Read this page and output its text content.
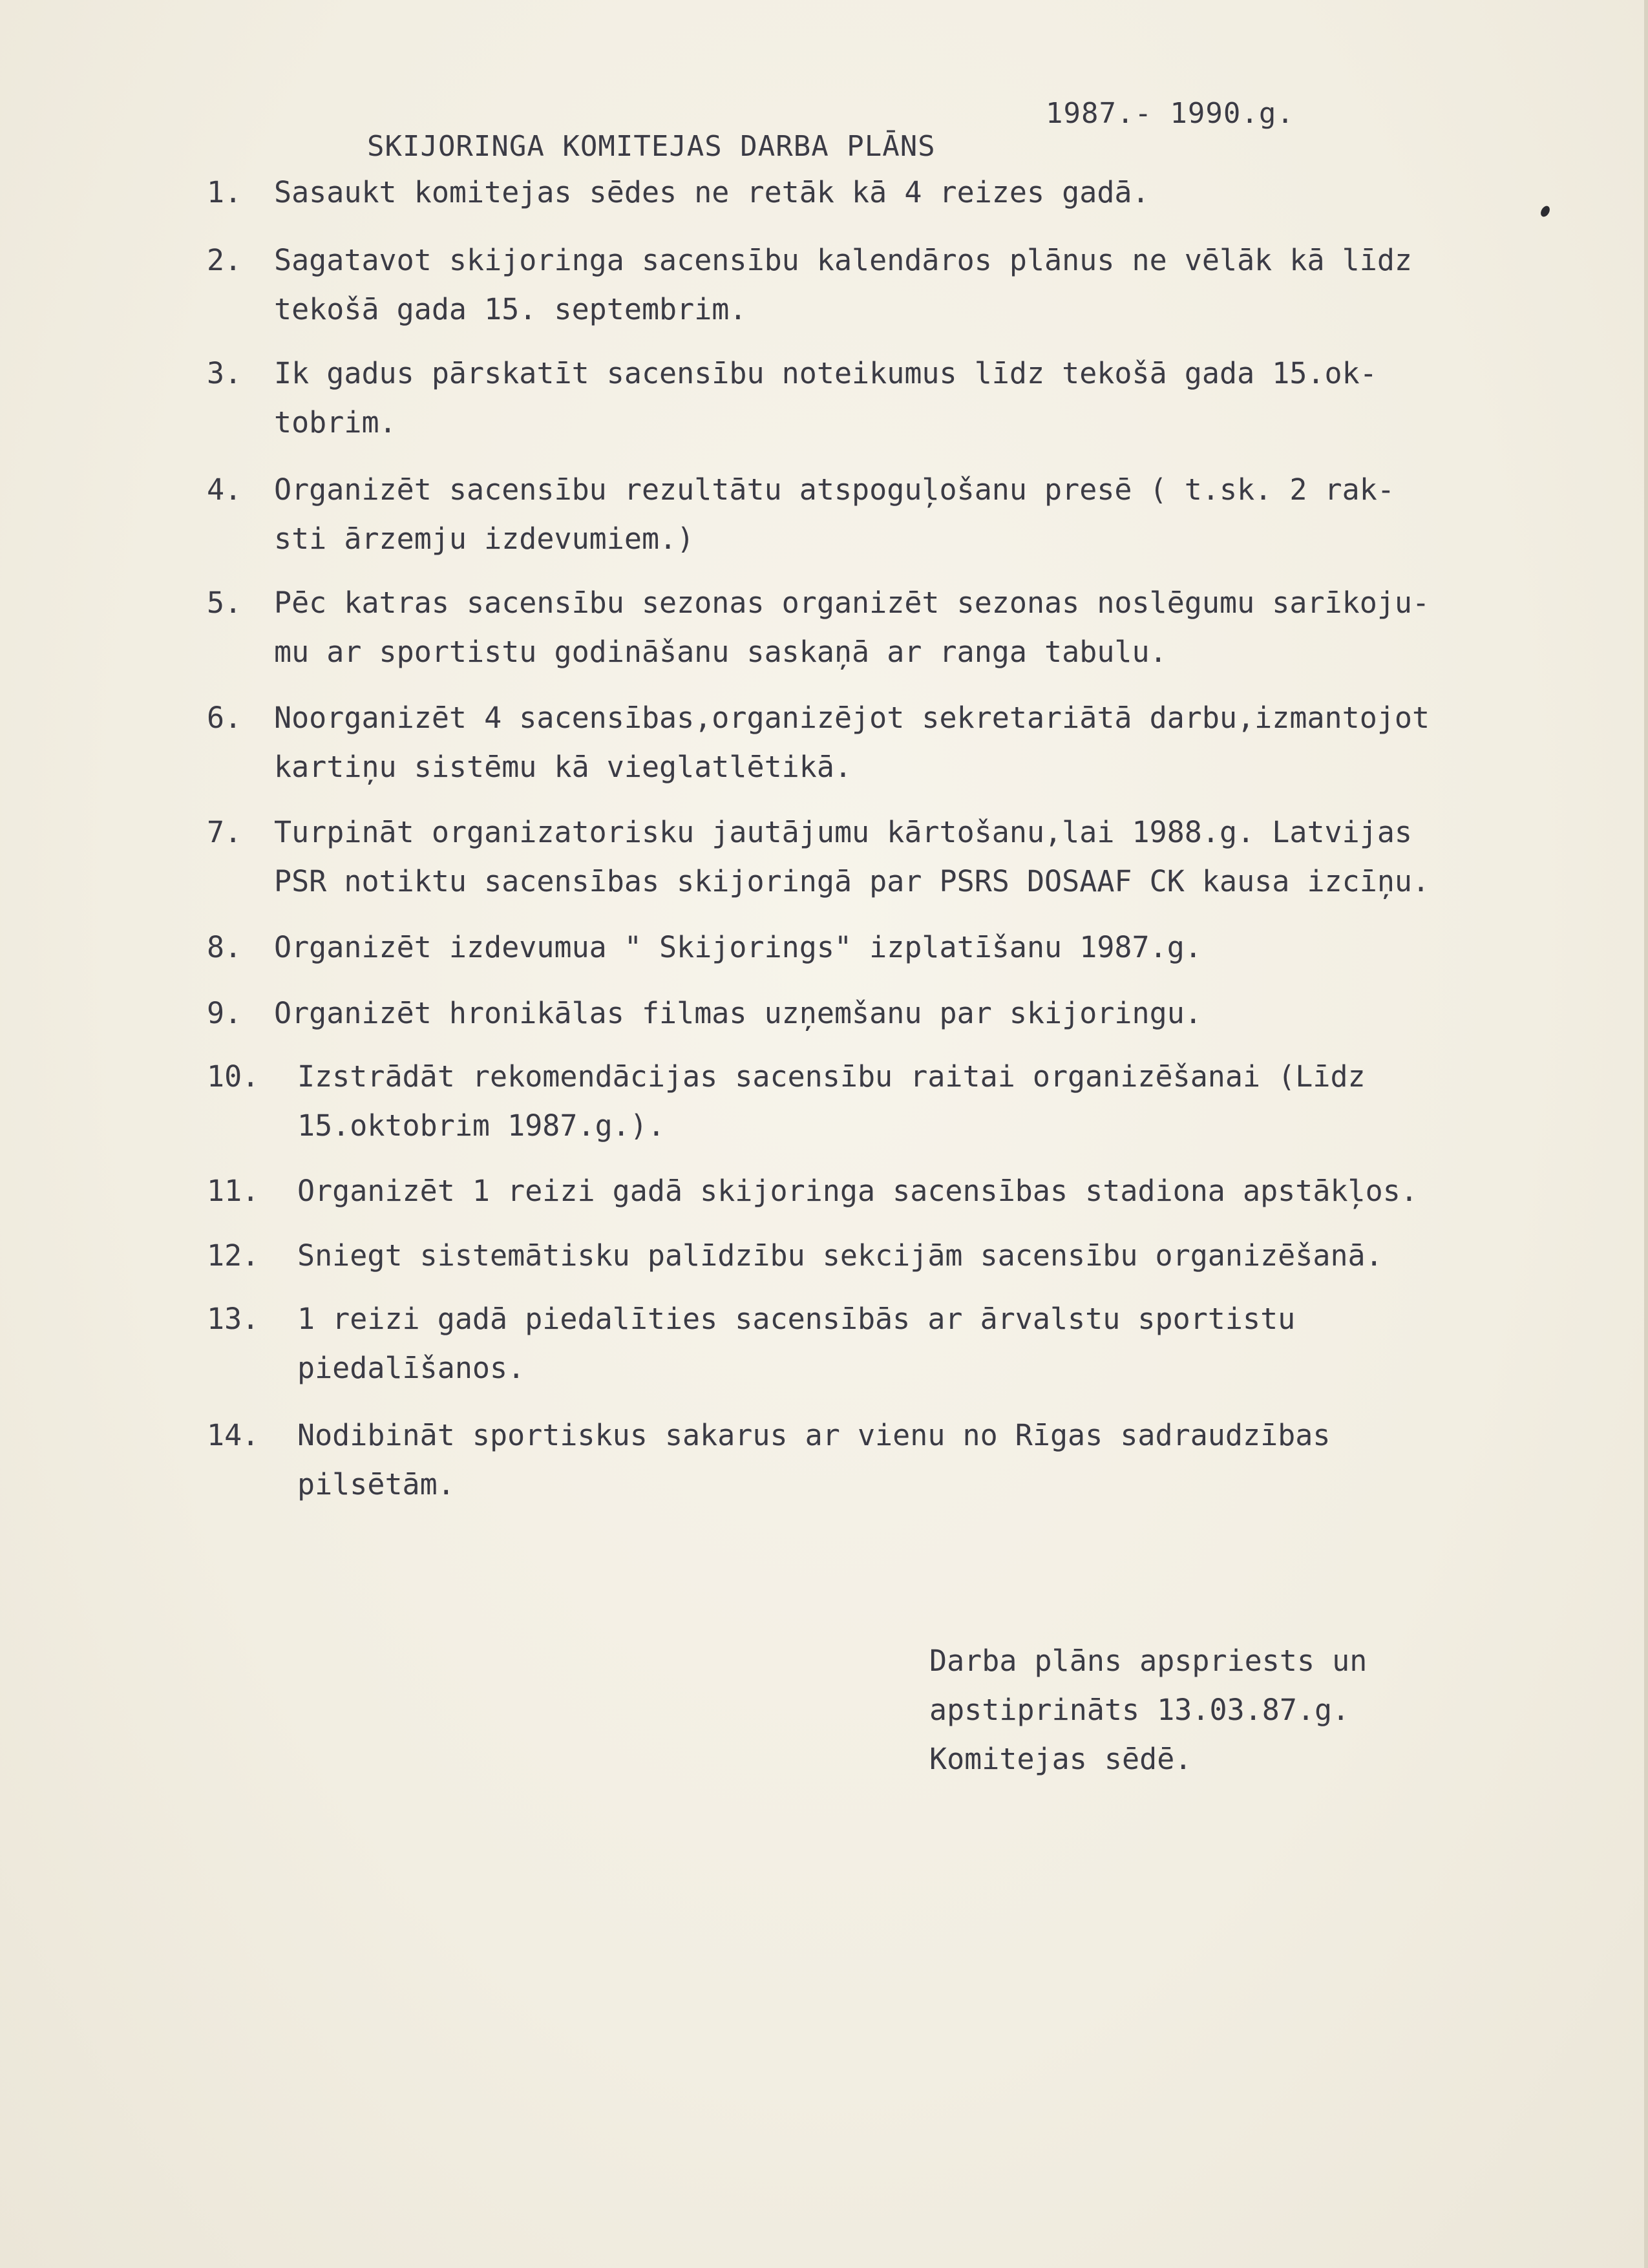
SKIJORINGA KOMITEJAS DARBA PLĀNS

1987.- 1990.g.

1. Sasaukt komitejas sēdes ne retāk kā 4 reizes gadā.
2. Sagatavot skijoringa sacensību kalendāros plānus ne vēlāk kā līdz
tekošā gada 15. septembrim.
3. Ik gadus pārskatīt sacensību noteikumus līdz tekošā gada 15.ok-
tobrim.
4. Organizēt sacensību rezultātu atspoguļošanu presē ( t.sk. 2 rak-
sti ārzemju izdevumiem.)
5. Pēc katras sacensību sezonas organizēt sezonas noslēgumu sarīkoju-
mu ar sportistu godināšanu saskaņā ar ranga tabulu.
6. Noorganizēt 4 sacensības,organizējot sekretariātā darbu,izmantojot
kartiņu sistēmu kā vieglatlētikā.
7. Turpināt organizatorisku jautājumu kārtošanu,lai 1988.g. Latvijas
PSR notiktu sacensības skijoringā par PSRS DOSAAF CK kausa izcīņu.
8. Organizēt izdevumua " Skijorings" izplatīšanu 1987.g.
9. Organizēt hronikālas filmas uzņemšanu par skijoringu.
10. Izstrādāt rekomendācijas sacensību raitai organizēšanai (Līdz
15.oktobrim 1987.g.).
11. Organizēt 1 reizi gadā skijoringa sacensības stadiona apstākļos.
12. Sniegt sistemātisku palīdzību sekcijām sacensību organizēšanā.
13. 1 reizi gadā piedalīties sacensībās ar ārvalstu sportistu
piedalīšanos.
14. Nodibināt sportiskus sakarus ar vienu no Rīgas sadraudzības
pilsētām.
Darba plāns apspriests un
apstiprināts 13.03.87.g.
Komitejas sēdē.
